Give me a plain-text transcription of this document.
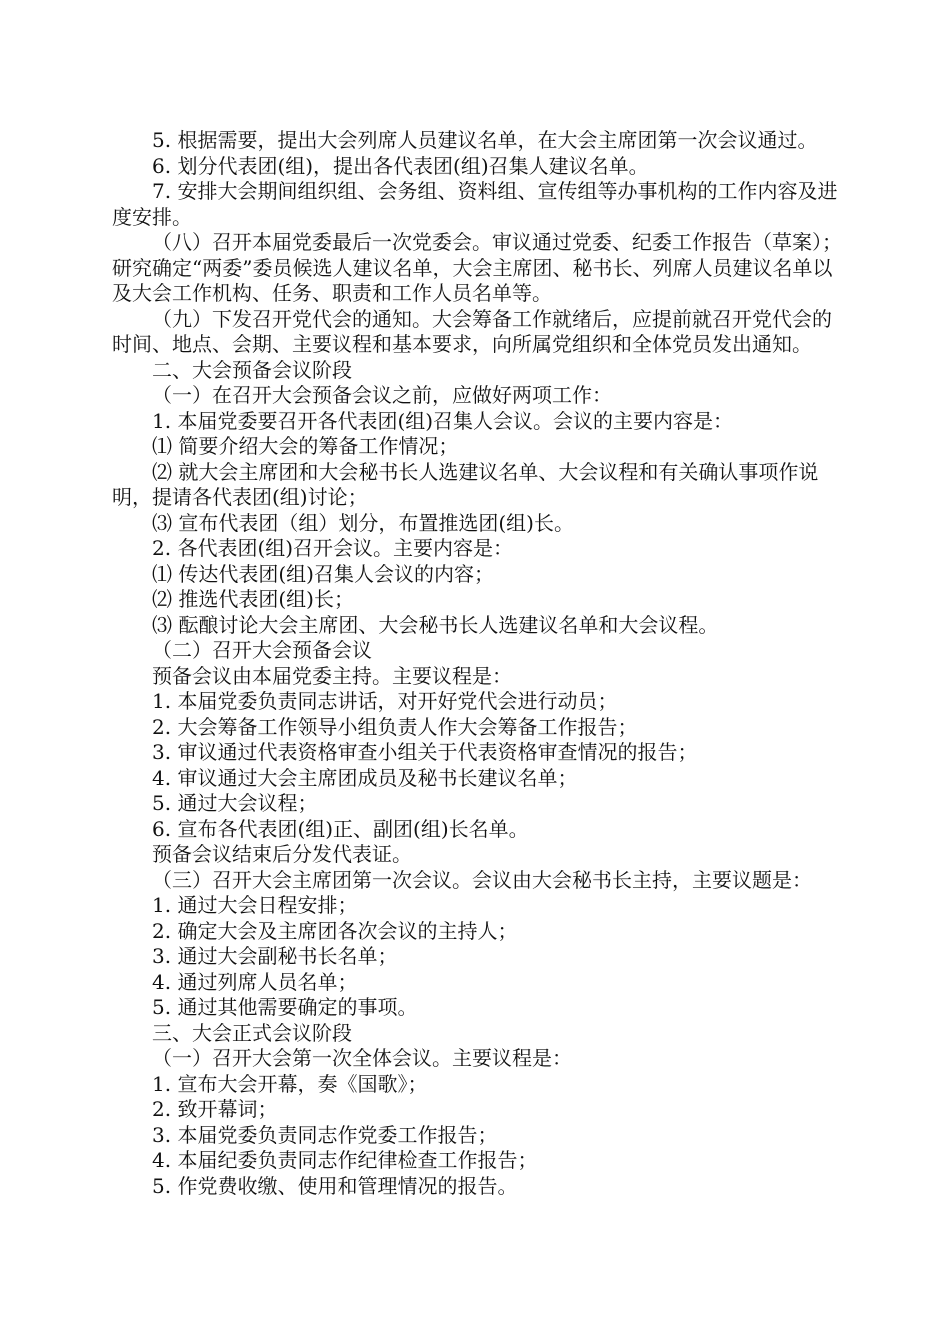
5. 根据需要，提出大会列席人员建议名单，在大会主席团第一次会议通过。

6. 划分代表团(组)，提出各代表团(组)召集人建议名单。

7. 安排大会期间组织组、会务组、资料组、宣传组等办事机构的工作内容及进度安排。

（八）召开本届党委最后一次党委会。审议通过党委、纪委工作报告（草案）；研究确定“两委”委员候选人建议名单，大会主席团、秘书长、列席人员建议名单以及大会工作机构、任务、职责和工作人员名单等。

（九）下发召开党代会的通知。大会筹备工作就绪后，应提前就召开党代会的时间、地点、会期、主要议程和基本要求，向所属党组织和全体党员发出通知。

二、大会预备会议阶段

（一）在召开大会预备会议之前，应做好两项工作：

1. 本届党委要召开各代表团(组)召集人会议。会议的主要内容是：

⑴ 简要介绍大会的筹备工作情况；

⑵ 就大会主席团和大会秘书长人选建议名单、大会议程和有关确认事项作说明，提请各代表团(组)讨论；

⑶ 宣布代表团（组）划分，布置推选团(组)长。

2. 各代表团(组)召开会议。主要内容是：

⑴ 传达代表团(组)召集人会议的内容；

⑵ 推选代表团(组)长；

⑶ 酝酿讨论大会主席团、大会秘书长人选建议名单和大会议程。

（二）召开大会预备会议

预备会议由本届党委主持。主要议程是：

1. 本届党委负责同志讲话，对开好党代会进行动员；

2. 大会筹备工作领导小组负责人作大会筹备工作报告；

3. 审议通过代表资格审查小组关于代表资格审查情况的报告；

4. 审议通过大会主席团成员及秘书长建议名单；

5. 通过大会议程；

6. 宣布各代表团(组)正、副团(组)长名单。

预备会议结束后分发代表证。

（三）召开大会主席团第一次会议。会议由大会秘书长主持，主要议题是：

1. 通过大会日程安排；

2. 确定大会及主席团各次会议的主持人；

3. 通过大会副秘书长名单；

4. 通过列席人员名单；

5. 通过其他需要确定的事项。

三、大会正式会议阶段

（一）召开大会第一次全体会议。主要议程是：

1. 宣布大会开幕，奏《国歌》；

2. 致开幕词；

3. 本届党委负责同志作党委工作报告；

4. 本届纪委负责同志作纪律检查工作报告；

5. 作党费收缴、使用和管理情况的报告。
